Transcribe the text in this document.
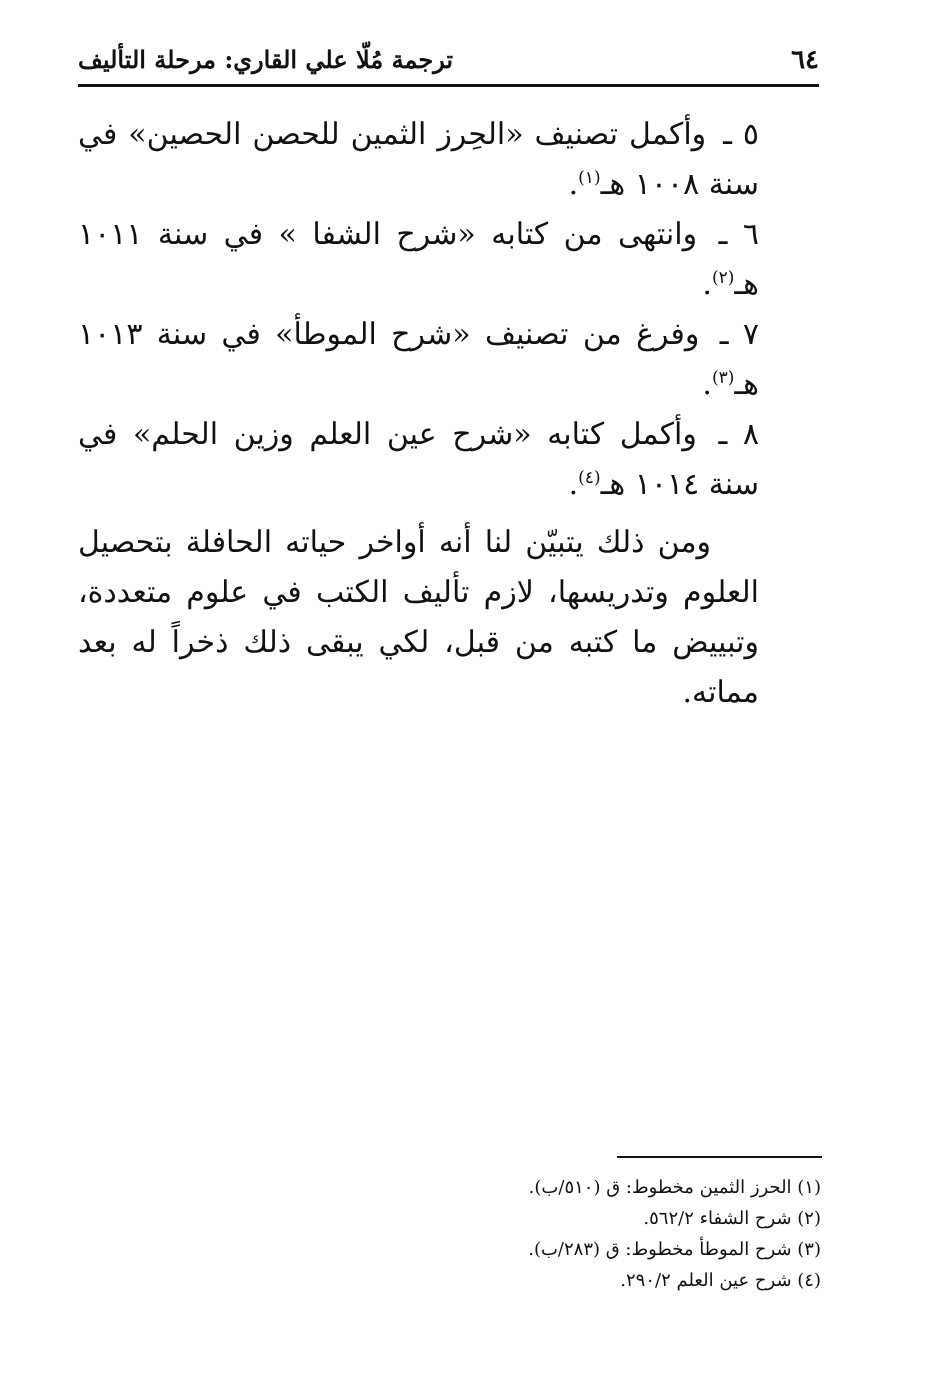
٦٤
ترجمة مُلّا علي القاري: مرحلة التأليف

٥ ـ وأكمل تصنيف «الحِرز الثمين للحصن الحصين» في سنة ١٠٠٨ هـ$^{(١)}$.

٦ ـ وانتهى من كتابه «شرح الشفا » في سنة ١٠١١ هـ$^{(٢)}$.

٧ ـ وفرغ من تصنيف «شرح الموطأ» في سنة ١٠١٣ هـ$^{(٣)}$.

٨ ـ وأكمل كتابه «شرح عين العلم وزين الحلم» في سنة ١٠١٤ هـ$^{(٤)}$.

ومن ذلك يتبيّن لنا أنه أواخر حياته الحافلة بتحصيل العلوم وتدريسها، لازم تأليف الكتب في علوم متعددة، وتبييض ما كتبه من قبل، لكي يبقى ذلك ذخراً له بعد مماته.

(١) الحرز الثمين مخطوط: ق (٥١٠/ب).

(٢) شرح الشفاء ٥٦٢/٢.

(٣) شرح الموطأ مخطوط: ق (٢٨٣/ب).

(٤) شرح عين العلم ٢٩٠/٢.
